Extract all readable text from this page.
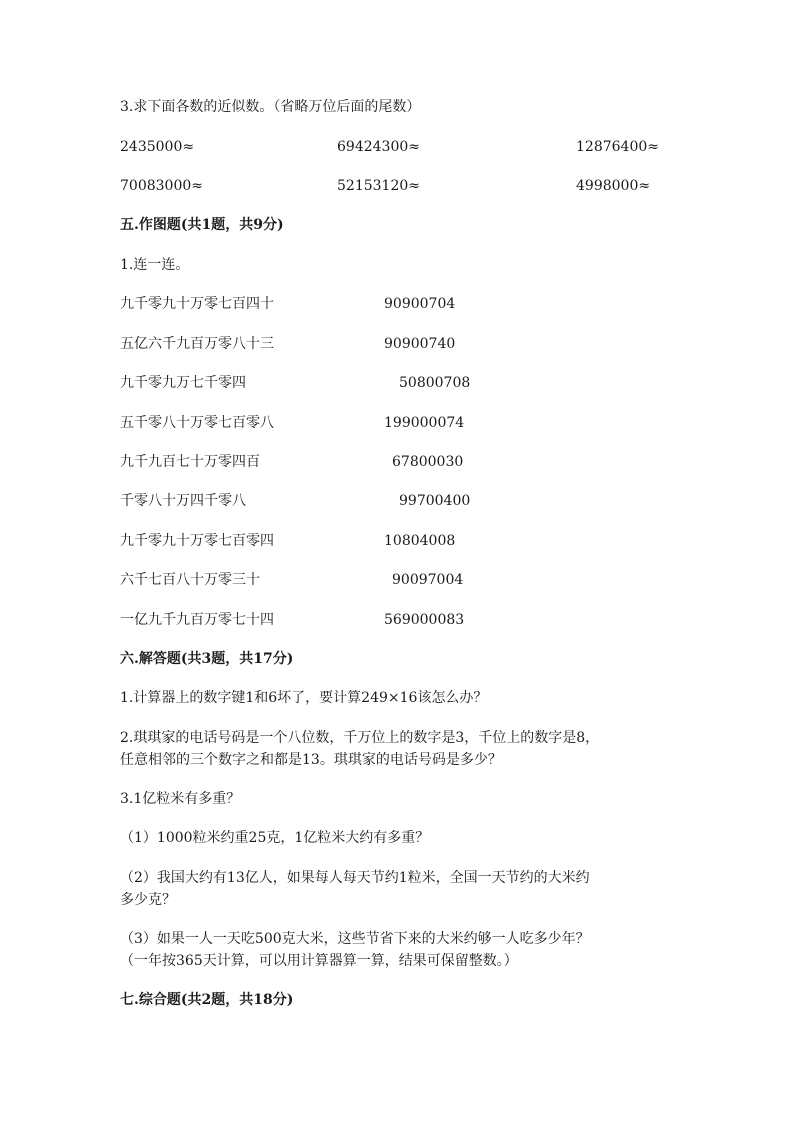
3.求下面各数的近似数。（省略万位后面的尾数）
2435000≈	69424300≈	12876400≈
70083000≈	52153120≈	4998000≈
五.作图题(共1题，共9分)
1.连一连。
九千零九十万零七百四十	90900704
五亿六千九百万零八十三	90900740
九千零九万七千零四	50800708
五千零八十万零七百零八	199000074
九千九百七十万零四百	67800030
千零八十万四千零八	99700400
九千零九十万零七百零四	10804008
六千七百八十万零三十	90097004
一亿九千九百万零七十四	569000083
六.解答题(共3题，共17分)
1.计算器上的数字键1和6坏了，要计算249×16该怎么办？
2.琪琪家的电话号码是一个八位数，千万位上的数字是3，千位上的数字是8，
任意相邻的三个数字之和都是13。琪琪家的电话号码是多少？
3.1亿粒米有多重？
（1）1000粒米约重25克，1亿粒米大约有多重？
（2）我国大约有13亿人，如果每人每天节约1粒米，全国一天节约的大米约
多少克？
（3）如果一人一天吃500克大米，这些节省下来的大米约够一人吃多少年？
（一年按365天计算，可以用计算器算一算，结果可保留整数。）
七.综合题(共2题，共18分)
